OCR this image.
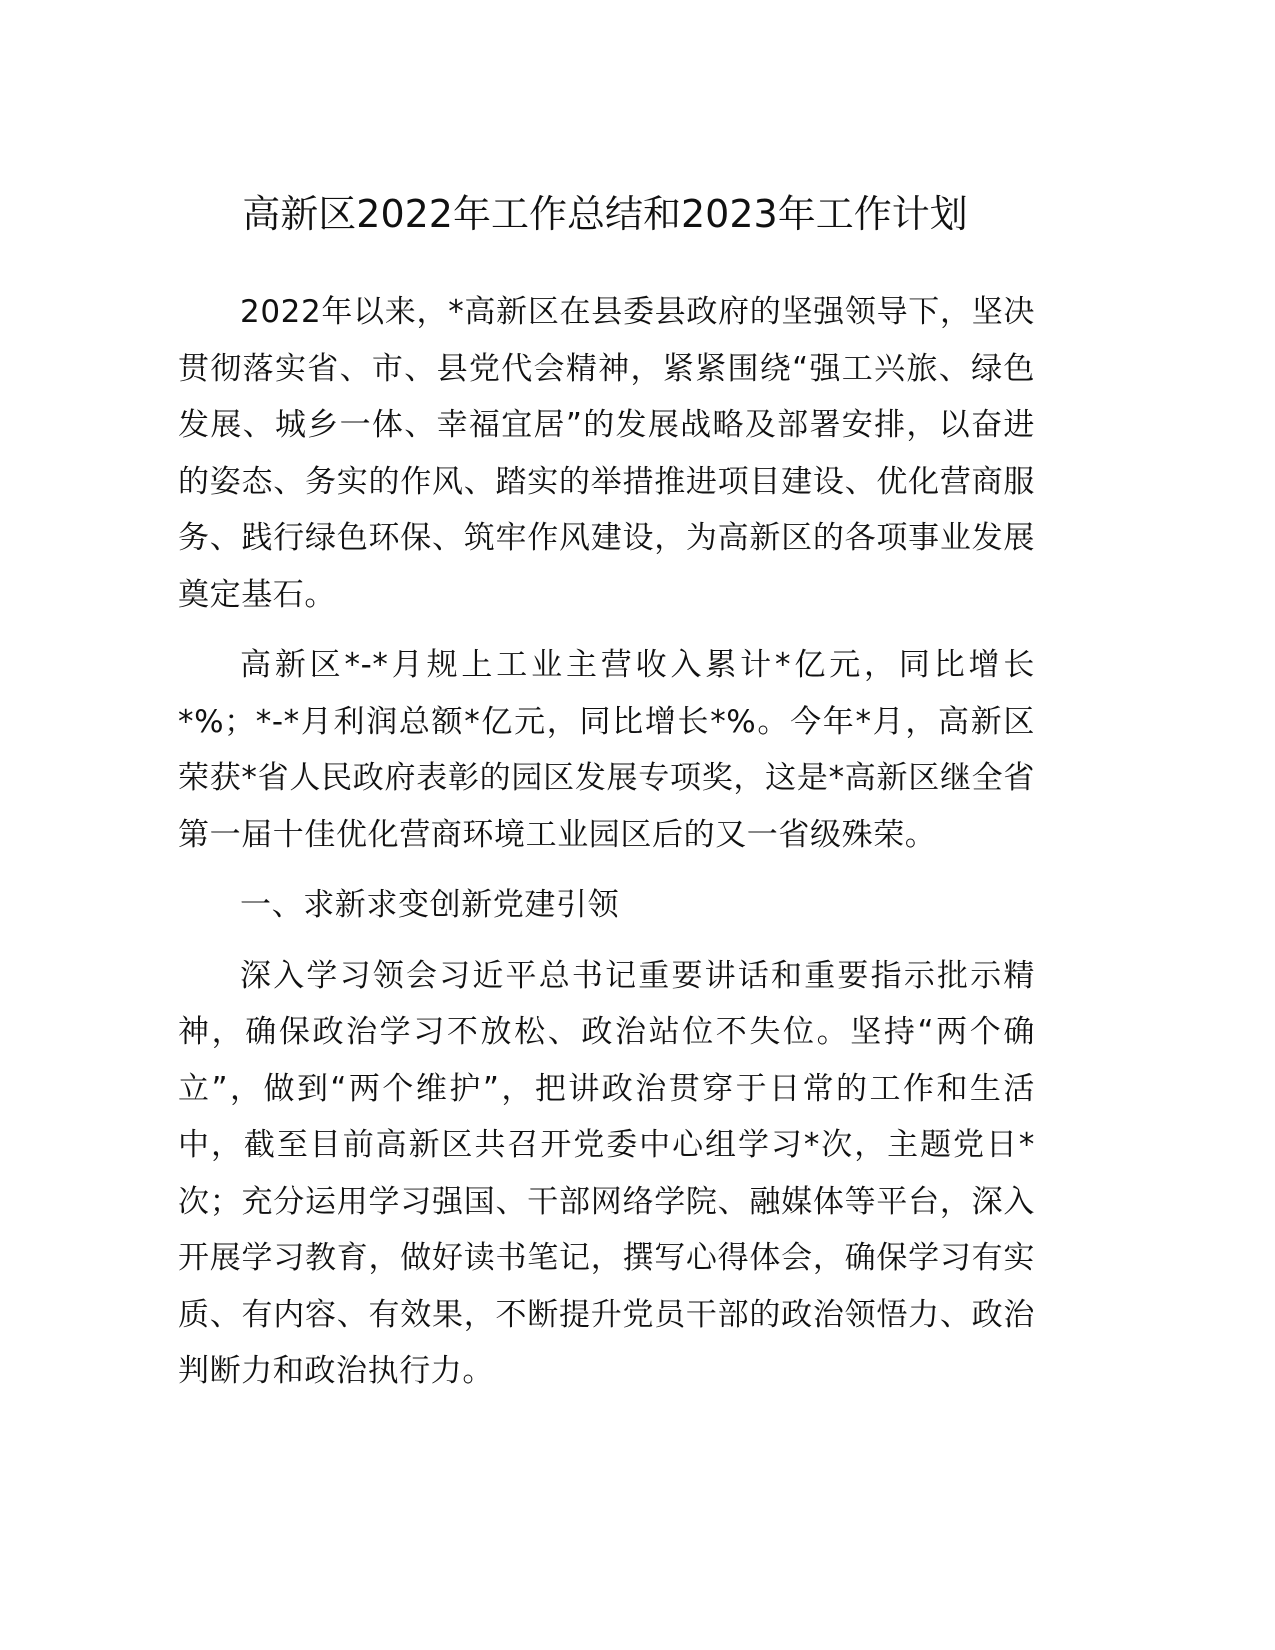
高新区2022年工作总结和2023年工作计划

2022年以来，*高新区在县委县政府的坚强领导下，坚决贯彻落实省、市、县党代会精神，紧紧围绕“强工兴旅、绿色发展、城乡一体、幸福宜居”的发展战略及部署安排，以奋进的姿态、务实的作风、踏实的举措推进项目建设、优化营商服务、践行绿色环保、筑牢作风建设，为高新区的各项事业发展奠定基石。

高新区*-*月规上工业主营收入累计*亿元，同比增长*%；*-*月利润总额*亿元，同比增长*%。今年*月，高新区荣获*省人民政府表彰的园区发展专项奖，这是*高新区继全省第一届十佳优化营商环境工业园区后的又一省级殊荣。

一、求新求变创新党建引领

深入学习领会习近平总书记重要讲话和重要指示批示精神，确保政治学习不放松、政治站位不失位。坚持“两个确立”，做到“两个维护”，把讲政治贯穿于日常的工作和生活中，截至目前高新区共召开党委中心组学习*次，主题党日*次；充分运用学习强国、干部网络学院、融媒体等平台，深入开展学习教育，做好读书笔记，撰写心得体会，确保学习有实质、有内容、有效果，不断提升党员干部的政治领悟力、政治判断力和政治执行力。
